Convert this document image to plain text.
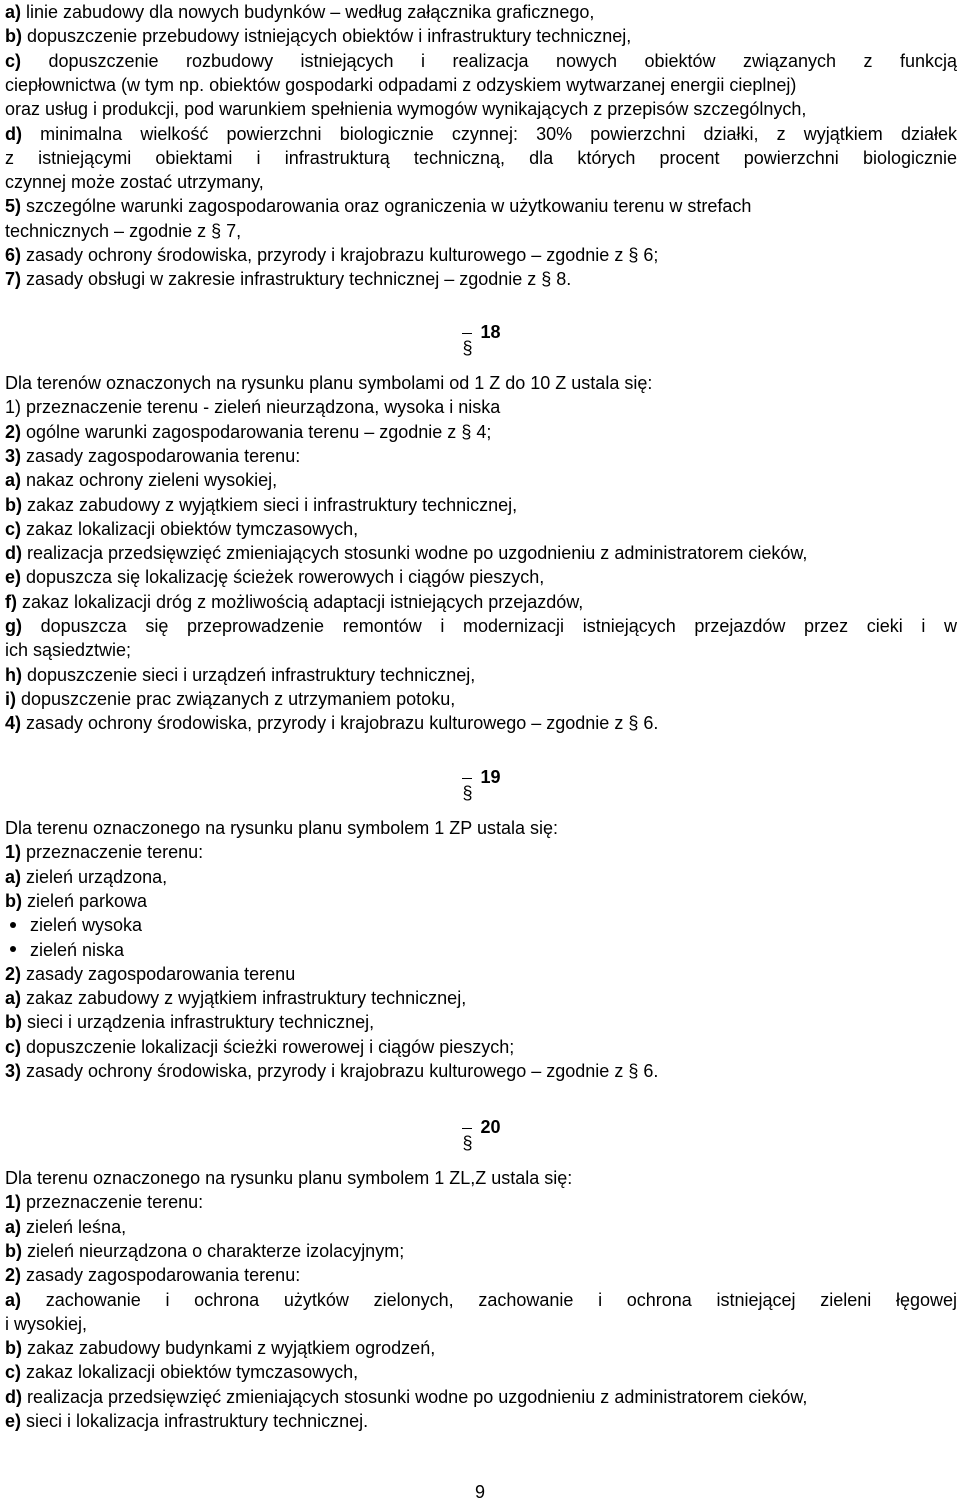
a) linie zabudowy dla nowych budynków – według załącznika graficznego,
b) dopuszczenie przebudowy istniejących obiektów i infrastruktury technicznej,
c) dopuszczenie rozbudowy istniejących i realizacja nowych obiektów związanych z funkcją
ciepłownictwa (w tym np. obiektów gospodarki odpadami z odzyskiem wytwarzanej energii cieplnej)
oraz usług i produkcji, pod warunkiem spełnienia wymogów wynikających z przepisów szczególnych,
d) minimalna wielkość powierzchni biologicznie czynnej: 30% powierzchni działki, z wyjątkiem działek
z istniejącymi obiektami i infrastrukturą techniczną, dla których procent powierzchni biologicznie
czynnej może zostać utrzymany,
5) szczególne warunki zagospodarowania oraz ograniczenia w użytkowaniu terenu w strefach
technicznych – zgodnie z § 7,
6) zasady ochrony środowiska, przyrody i krajobrazu kulturowego – zgodnie z § 6;
7) zasady obsługi w zakresie infrastruktury technicznej – zgodnie z § 8.
18
Dla terenów oznaczonych na rysunku planu symbolami od 1 Z do 10 Z ustala się:
1) przeznaczenie terenu - zieleń nieurządzona, wysoka i niska
2) ogólne warunki zagospodarowania terenu – zgodnie z § 4;
3) zasady zagospodarowania terenu:
a) nakaz ochrony zieleni wysokiej,
b) zakaz zabudowy z wyjątkiem sieci i infrastruktury technicznej,
c) zakaz lokalizacji obiektów tymczasowych,
d) realizacja przedsięwzięć zmieniających stosunki wodne po uzgodnieniu z administratorem cieków,
e) dopuszcza się lokalizację ścieżek rowerowych i ciągów pieszych,
f) zakaz lokalizacji dróg z możliwością adaptacji istniejących przejazdów,
g) dopuszcza się przeprowadzenie remontów i modernizacji istniejących przejazdów przez cieki i w
ich sąsiedztwie;
h) dopuszczenie sieci i urządzeń infrastruktury technicznej,
i) dopuszczenie prac związanych z utrzymaniem potoku,
4) zasady ochrony środowiska, przyrody i krajobrazu kulturowego – zgodnie z § 6.
19
Dla terenu oznaczonego na rysunku planu symbolem 1 ZP ustala się:
1) przeznaczenie terenu:
a) zieleń urządzona,
b) zieleń parkowa
zieleń wysoka
zieleń niska
2) zasady zagospodarowania terenu
a) zakaz zabudowy z wyjątkiem infrastruktury technicznej,
b) sieci i urządzenia infrastruktury technicznej,
c) dopuszczenie lokalizacji ścieżki rowerowej i ciągów pieszych;
3) zasady ochrony środowiska, przyrody i krajobrazu kulturowego – zgodnie z § 6.
20
Dla terenu oznaczonego na rysunku planu symbolem 1 ZL,Z ustala się:
1) przeznaczenie terenu:
a) zieleń leśna,
b) zieleń nieurządzona o charakterze izolacyjnym;
2) zasady zagospodarowania terenu:
a) zachowanie i ochrona użytków zielonych, zachowanie i ochrona istniejącej zieleni łęgowej
i wysokiej,
b) zakaz zabudowy budynkami z wyjątkiem ogrodzeń,
c) zakaz lokalizacji obiektów tymczasowych,
d) realizacja przedsięwzięć zmieniających stosunki wodne po uzgodnieniu z administratorem cieków,
e) sieci i lokalizacja infrastruktury technicznej.
9
